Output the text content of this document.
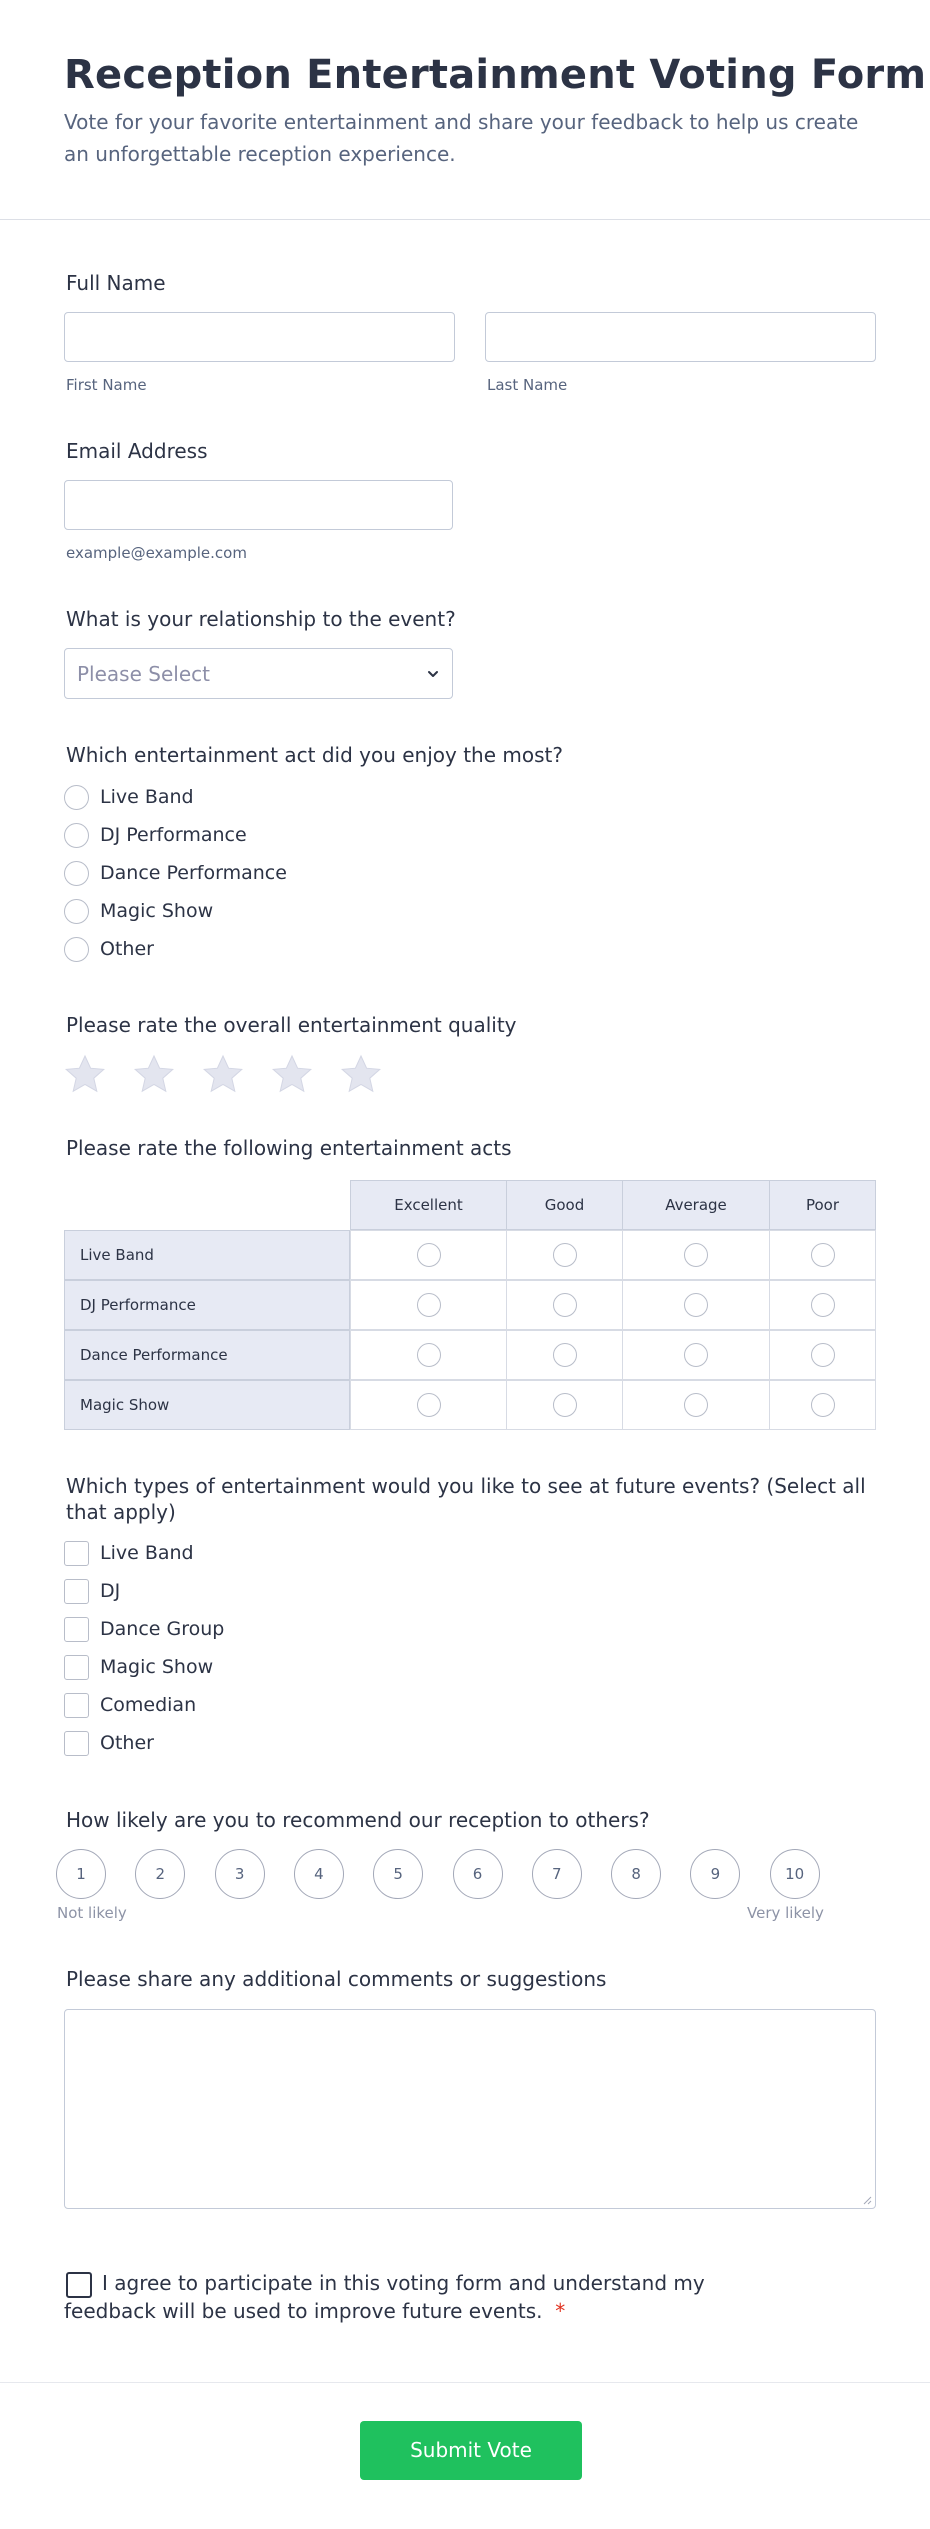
Reception Entertainment Voting Form

Vote for your favorite entertainment and share your feedback to help us create an unforgettable reception experience.

Full Name
First Name	Last Name
Email Address
example@example.com
What is your relationship to the event?
Please Select
Which entertainment act did you enjoy the most?
Live Band
DJ Performance
Dance Performance
Magic Show
Other
Please rate the overall entertainment quality
Please rate the following entertainment acts
Excellent	Good	Average	Poor
Live Band
DJ Performance
Dance Performance
Magic Show
Which types of entertainment would you like to see at future events? (Select all that apply)
Live Band
DJ
Dance Group
Magic Show
Comedian
Other
How likely are you to recommend our reception to others?
1	2	3	4	5	6	7	8	9	10
Not likely	Very likely
Please share any additional comments or suggestions
I agree to participate in this voting form and understand my feedback will be used to improve future events. *
Submit Vote
